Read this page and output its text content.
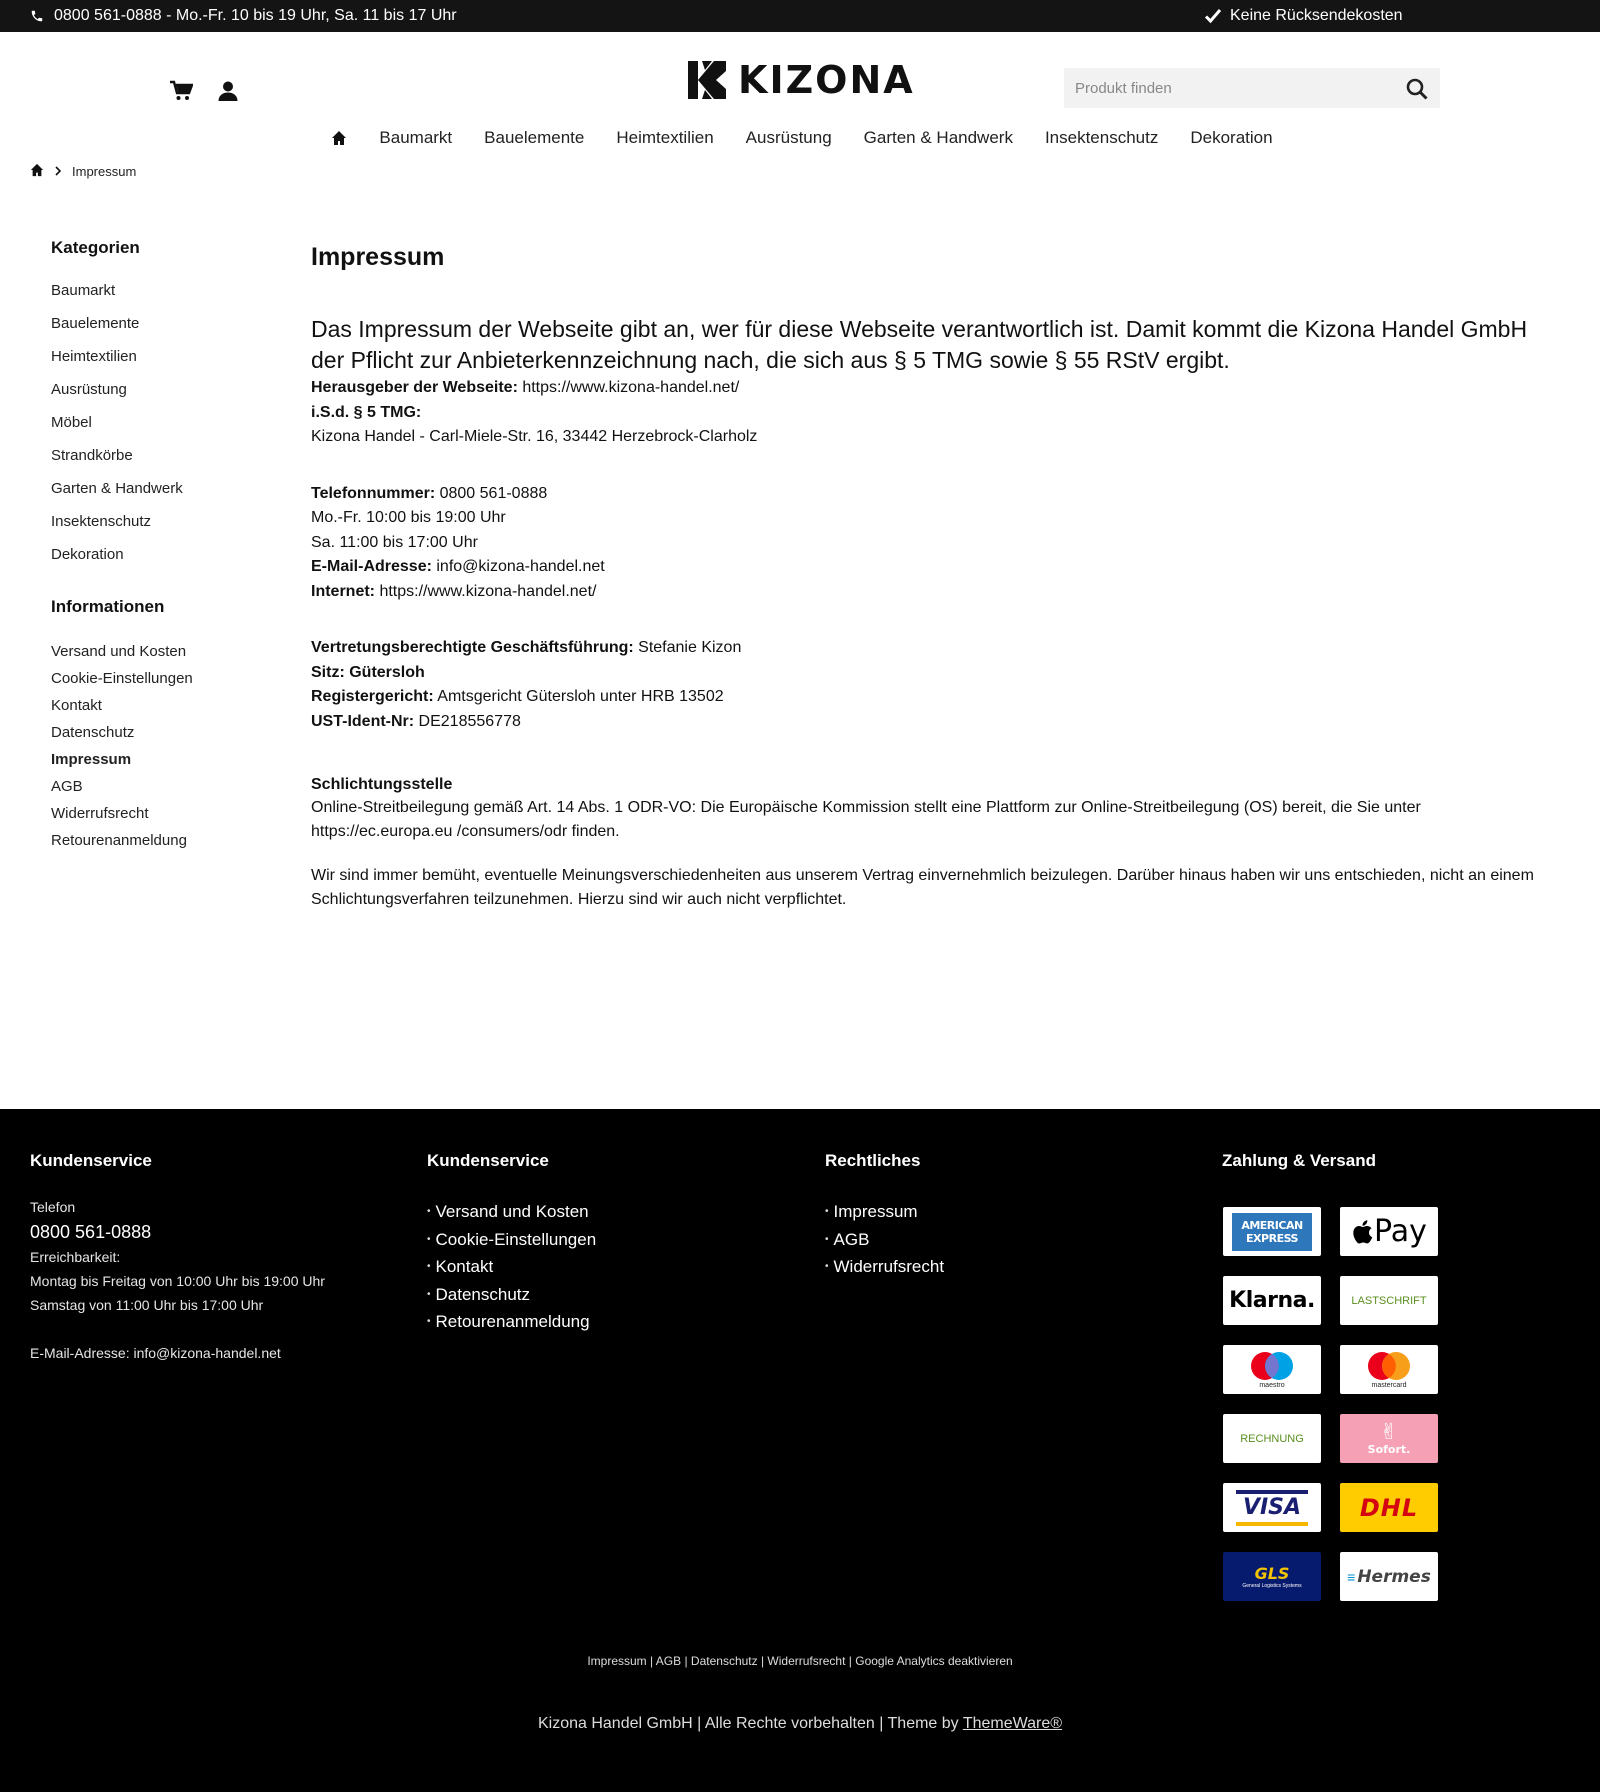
0800 561-0888 - Mo.-Fr. 10 bis 19 Uhr, Sa. 11 bis 17 Uhr	Keine Rücksendekosten
KIZONA
Produkt finden
Baumarkt	Bauelemente	Heimtextilien	Ausrüstung	Garten & Handwerk	Insektenschutz	Dekoration
Impressum
Kategorien
Baumarkt
Bauelemente
Heimtextilien
Ausrüstung
Möbel
Strandkörbe
Garten & Handwerk
Insektenschutz
Dekoration
Informationen
Versand und Kosten
Cookie-Einstellungen
Kontakt
Datenschutz
Impressum
AGB
Widerrufsrecht
Retourenanmeldung
Impressum

Das Impressum der Webseite gibt an, wer für diese Webseite verantwortlich ist. Damit kommt die Kizona Handel GmbH der Pflicht zur Anbieterkennzeichnung nach, die sich aus § 5 TMG sowie § 55 RStV ergibt.

Herausgeber der Webseite: https://www.kizona-handel.net/
i.S.d. § 5 TMG:
Kizona Handel - Carl-Miele-Str. 16, 33442 Herzebrock-Clarholz
Telefonnummer: 0800 561-0888
Mo.-Fr. 10:00 bis 19:00 Uhr
Sa. 11:00 bis 17:00 Uhr
E-Mail-Adresse: info@kizona-handel.net
Internet: https://www.kizona-handel.net/
Vertretungsberechtigte Geschäftsführung: Stefanie Kizon
Sitz: Gütersloh
Registergericht: Amtsgericht Gütersloh unter HRB 13502
UST-Ident-Nr: DE218556778
Schlichtungsstelle

Online-Streitbeilegung gemäß Art. 14 Abs. 1 ODR-VO: Die Europäische Kommission stellt eine Plattform zur Online-Streitbeilegung (OS) bereit, die Sie unter https://ec.europa.eu /consumers/odr finden.

Wir sind immer bemüht, eventuelle Meinungsverschiedenheiten aus unserem Vertrag einvernehmlich beizulegen. Darüber hinaus haben wir uns entschieden, nicht an einem Schlichtungsverfahren teilzunehmen. Hierzu sind wir auch nicht verpflichtet.

Kundenservice
Telefon
0800 561-0888
Erreichbarkeit:
Montag bis Freitag von 10:00 Uhr bis 19:00 Uhr
Samstag von 11:00 Uhr bis 17:00 Uhr
E-Mail-Adresse: info@kizona-handel.net
Kundenservice
• Versand und Kosten
• Cookie-Einstellungen
• Kontakt
• Datenschutz
• Retourenanmeldung
Rechtliches
• Impressum
• AGB
• Widerrufsrecht
Zahlung & Versand
AMERICAN
EXPRESS	Pay
Klarna.	LASTSCHRIFT
maestro	mastercard
RECHNUNG	✌
Sofort.
VISA DHL
GLS
General Logistics Systems
≡ Hermes
Impressum | AGB | Datenschutz | Widerrufsrecht | Google Analytics deaktivieren
Kizona Handel GmbH | Alle Rechte vorbehalten | Theme by ThemeWare®
